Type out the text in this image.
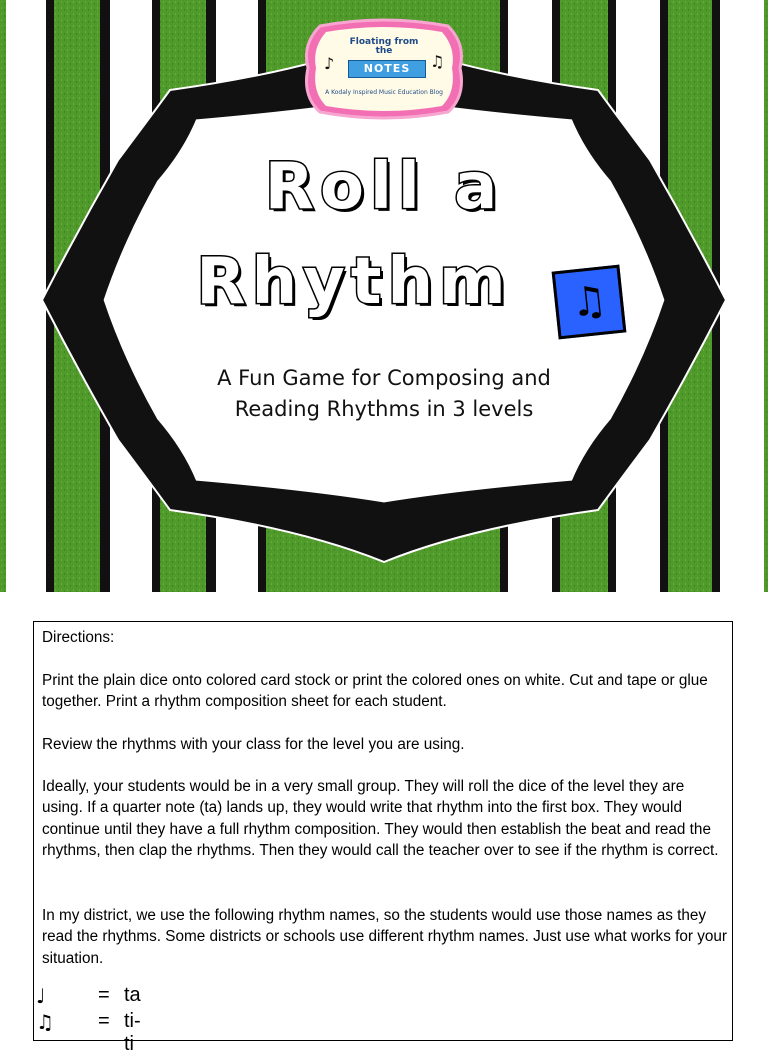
Floating from
the
NOTES
A Kodaly Inspired Music Education Blog
♪	♫
Roll a
Rhythm	♫
A Fun Game for Composing and
Reading Rhythms in 3 levels
Directions:
Print the plain dice onto colored card stock or print the colored ones on white. Cut and tape or glue together. Print a rhythm composition sheet for each student.
Review the rhythms with your class for the level you are using.
Ideally, your students would be in a very small group. They will roll the dice of the level they are using. If a quarter note (ta) lands up, they would write that rhythm into the first box. They would continue until they have a full rhythm composition. They would then establish the beat and read the rhythms, then clap the rhythms. Then they would call the teacher over to see if the rhythm is correct.
In my district, we use the following rhythm names, so the students would use those names as they read the rhythms. Some districts or schools use different rhythm names. Just use what works for your situation.
♩	= ta
♫	= ti-ti
